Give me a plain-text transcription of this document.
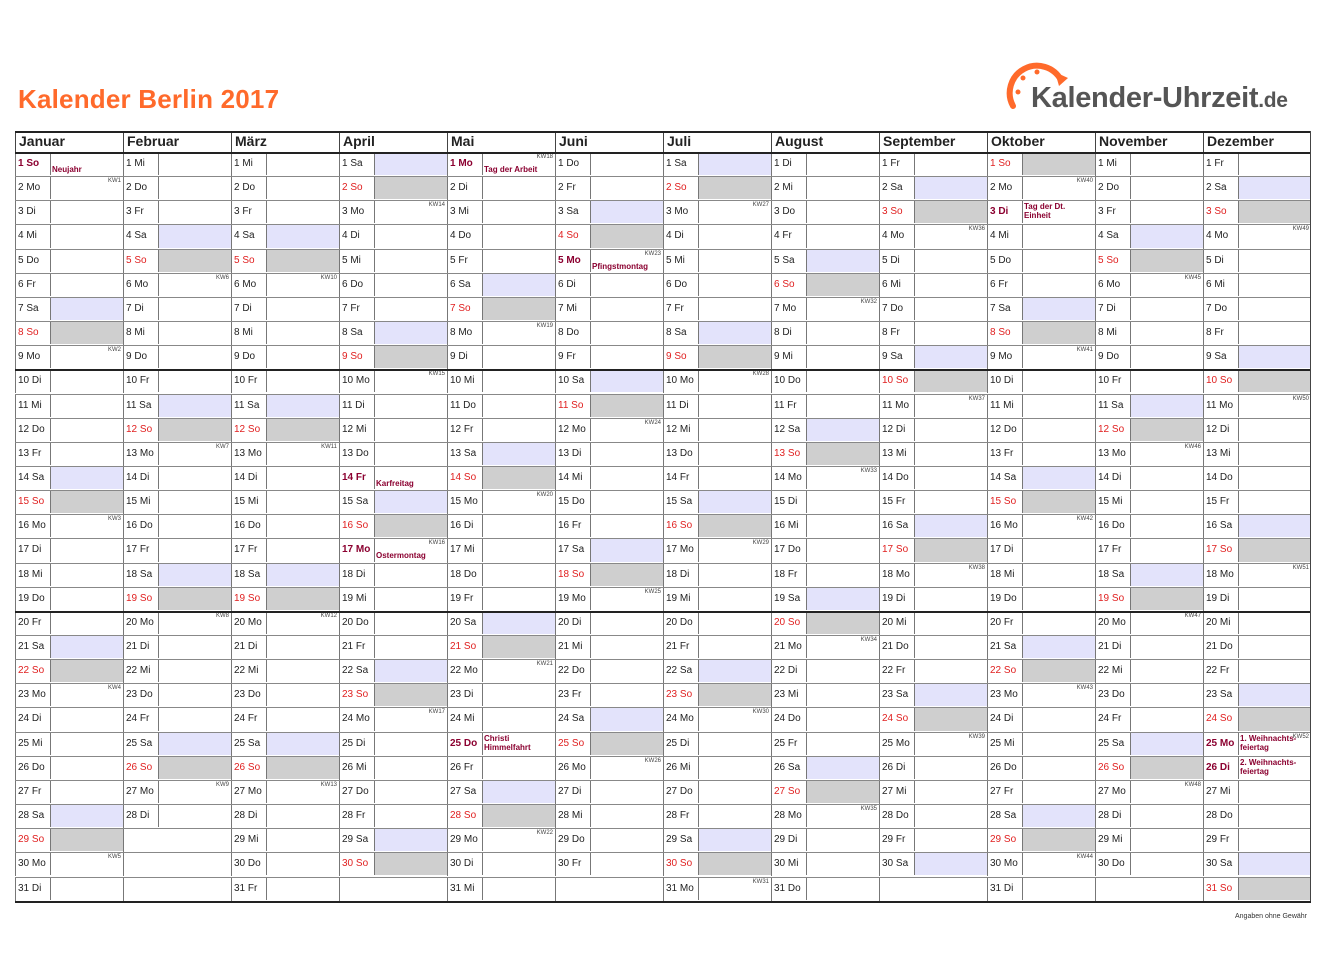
Kalender Berlin 2017	Kalender-Uhrzeit.de
Januar
1 So
Neujahr
2 Mo
KW1
3 Di
4 Mi
5 Do
6 Fr
7 Sa
8 So
9 Mo
KW2
10 Di
11 Mi
12 Do
13 Fr
14 Sa
15 So
16 Mo
KW3
17 Di
18 Mi
19 Do
20 Fr
21 Sa
22 So
23 Mo
KW4
24 Di
25 Mi
26 Do
27 Fr
28 Sa
29 So
30 Mo
KW5
31 Di
Februar
1 Mi
2 Do
3 Fr
4 Sa
5 So
6 Mo
KW6
7 Di
8 Mi
9 Do
10 Fr
11 Sa
12 So
13 Mo
KW7
14 Di
15 Mi
16 Do
17 Fr
18 Sa
19 So
20 Mo
KW8
21 Di
22 Mi
23 Do
24 Fr
25 Sa
26 So
27 Mo
KW9
28 Di
März
1 Mi
2 Do
3 Fr
4 Sa
5 So
6 Mo
KW10
7 Di
8 Mi
9 Do
10 Fr
11 Sa
12 So
13 Mo
KW11
14 Di
15 Mi
16 Do
17 Fr
18 Sa
19 So
20 Mo
KW12
21 Di
22 Mi
23 Do
24 Fr
25 Sa
26 So
27 Mo
KW13
28 Di
29 Mi
30 Do
31 Fr
April
1 Sa
2 So
3 Mo
KW14
4 Di
5 Mi
6 Do
7 Fr
8 Sa
9 So
10 Mo
KW15
11 Di
12 Mi
13 Do
14 Fr
Karfreitag
15 Sa
16 So
17 Mo
KW16
Ostermontag
18 Di
19 Mi
20 Do
21 Fr
22 Sa
23 So
24 Mo
KW17
25 Di
26 Mi
27 Do
28 Fr
29 Sa
30 So
Mai
1 Mo
KW18
Tag der Arbeit
2 Di
3 Mi
4 Do
5 Fr
6 Sa
7 So
8 Mo
KW19
9 Di
10 Mi
11 Do
12 Fr
13 Sa
14 So
15 Mo
KW20
16 Di
17 Mi
18 Do
19 Fr
20 Sa
21 So
22 Mo
KW21
23 Di
24 Mi
25 Do Christi
Himmelfahrt
26 Fr
27 Sa
28 So
29 Mo
KW22
30 Di
31 Mi
Juni
1 Do
2 Fr
3 Sa
4 So
5 Mo
KW23
Pfingstmontag
6 Di
7 Mi
8 Do
9 Fr
10 Sa
11 So
12 Mo
KW24
13 Di
14 Mi
15 Do
16 Fr
17 Sa
18 So
19 Mo
KW25
20 Di
21 Mi
22 Do
23 Fr
24 Sa
25 So
26 Mo
KW26
27 Di
28 Mi
29 Do
30 Fr
Juli
1 Sa
2 So
3 Mo
KW27
4 Di
5 Mi
6 Do
7 Fr
8 Sa
9 So
10 Mo
KW28
11 Di
12 Mi
13 Do
14 Fr
15 Sa
16 So
17 Mo
KW29
18 Di
19 Mi
20 Do
21 Fr
22 Sa
23 So
24 Mo
KW30
25 Di
26 Mi
27 Do
28 Fr
29 Sa
30 So
31 Mo
KW31
August
1 Di
2 Mi
3 Do
4 Fr
5 Sa
6 So
7 Mo
KW32
8 Di
9 Mi
10 Do
11 Fr
12 Sa
13 So
14 Mo
KW33
15 Di
16 Mi
17 Do
18 Fr
19 Sa
20 So
21 Mo
KW34
22 Di
23 Mi
24 Do
25 Fr
26 Sa
27 So
28 Mo
KW35
29 Di
30 Mi
31 Do
September
1 Fr
2 Sa
3 So
4 Mo
KW36
5 Di
6 Mi
7 Do
8 Fr
9 Sa
10 So
11 Mo
KW37
12 Di
13 Mi
14 Do
15 Fr
16 Sa
17 So
18 Mo
KW38
19 Di
20 Mi
21 Do
22 Fr
23 Sa
24 So
25 Mo
KW39
26 Di
27 Mi
28 Do
29 Fr
30 Sa
Oktober
1 So
2 Mo
KW40
3 Di Tag der Dt.
Einheit
4 Mi
5 Do
6 Fr
7 Sa
8 So
9 Mo
KW41
10 Di
11 Mi
12 Do
13 Fr
14 Sa
15 So
16 Mo
KW42
17 Di
18 Mi
19 Do
20 Fr
21 Sa
22 So
23 Mo
KW43
24 Di
25 Mi
26 Do
27 Fr
28 Sa
29 So
30 Mo
KW44
31 Di
November
1 Mi
2 Do
3 Fr
4 Sa
5 So
6 Mo
KW45
7 Di
8 Mi
9 Do
10 Fr
11 Sa
12 So
13 Mo
KW46
14 Di
15 Mi
16 Do
17 Fr
18 Sa
19 So
20 Mo
KW47
21 Di
22 Mi
23 Do
24 Fr
25 Sa
26 So
27 Mo
KW48
28 Di
29 Mi
30 Do
Dezember
1 Fr
2 Sa
3 So
4 Mo
KW49
5 Di
6 Mi
7 Do
8 Fr
9 Sa
10 So
11 Mo
KW50
12 Di
13 Mi
14 Do
15 Fr
16 Sa
17 So
18 Mo
KW51
19 Di
20 Mi
21 Do
22 Fr
23 Sa
24 So
25 Mo
KW52
1. Weihnachts-
feiertag
26 Di 2. Weihnachts-
feiertag
27 Mi
28 Do
29 Fr
30 Sa
31 So
Angaben ohne Gewähr
